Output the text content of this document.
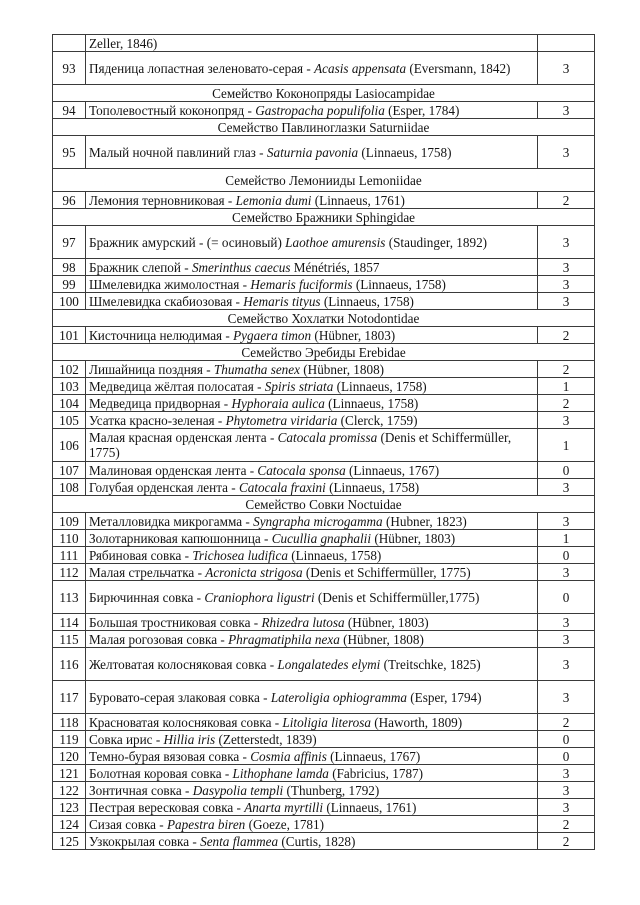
	Zeller, 1846)	
93	Пяденица лопастная зеленовато-серая - Acasis appensata (Eversmann, 1842)	3
Семейство Коконопряды Lasiocampidae		
94	Тополевостный коконопряд - Gastropacha populifolia (Esper, 1784)	3
Семейство Павлиноглазки Saturniidae		
95	Малый ночной павлиний глаз - Saturnia pavonia (Linnaeus, 1758)	3
Семейство Лемонииды Lemoniidae		
96	Лемония терновниковая - Lemonia dumi (Linnaeus, 1761)	2
Семейство Бражники Sphingidae		
97	Бражник амурский - (= осиновый) Laothoe amurensis (Staudinger, 1892)	3
98	Бражник слепой - Smerinthus caecus Ménétriés, 1857	3
99	Шмелевидка жимолостная - Hemaris fuciformis (Linnaeus, 1758)	3
100	Шмелевидка скабиозовая - Hemaris tityus (Linnaeus, 1758)	3
Семейство Хохлатки Notodontidae		
101	Кисточница нелюдимая - Pygaera timon (Hübner, 1803)	2
Семейство Эребиды Erebidae		
102	Лишайница поздняя - Thumatha senex (Hübner, 1808)	2
103	Медведица жёлтая полосатая - Spiris striata (Linnaeus, 1758)	1
104	Медведица придворная - Hyphoraia aulica (Linnaeus, 1758)	2
105	Усатка красно-зеленая - Phytometra viridaria (Clerck, 1759)	3
106	Малая красная орденская лента - Catocala promissa (Denis et Schiffermüller, 1775)	1
107	Малиновая орденская лента - Catocala sponsa (Linnaeus, 1767)	0
108	Голубая орденская лента - Catocala fraxini (Linnaeus, 1758)	3
Семейство Совки Noctuidae		
109	Металловидка микрогамма - Syngrapha microgamma (Hubner, 1823)	3
110	Золотарниковая капюшонница - Cucullia gnaphalii (Hübner, 1803)	1
111	Рябиновая совка - Trichosea ludifica (Linnaeus, 1758)	0
112	Малая стрельчатка - Acronicta strigosa (Denis et Schiffermüller, 1775)	3
113	Бирючинная совка - Craniophora ligustri (Denis et Schiffermüller,1775)	0
114	Большая тростниковая совка - Rhizedra lutosa (Hübner, 1803)	3
115	Малая рогозовая совка - Phragmatiphila nexa (Hübner, 1808)	3
116	Желтоватая колосняковая совка - Longalatedes elymi (Treitschke, 1825)	3
117	Буровато-серая злаковая совка - Lateroligia ophiogramma (Esper, 1794)	3
118	Красноватая колосняковая совка - Litoligia literosa (Haworth, 1809)	2
119	Совка ирис - Hillia iris (Zetterstedt, 1839)	0
120	Темно-бурая вязовая совка - Cosmia affinis (Linnaeus, 1767)	0
121	Болотная коровая совка - Lithophane lamda (Fabricius, 1787)	3
122	Зонтичная совка - Dasypolia templi (Thunberg, 1792)	3
123	Пестрая вересковая совка - Anarta myrtilli (Linnaeus, 1761)	3
124	Сизая совка - Papestra biren (Goeze, 1781)	2
125	Узкокрылая совка - Senta flammea (Curtis, 1828)	2
